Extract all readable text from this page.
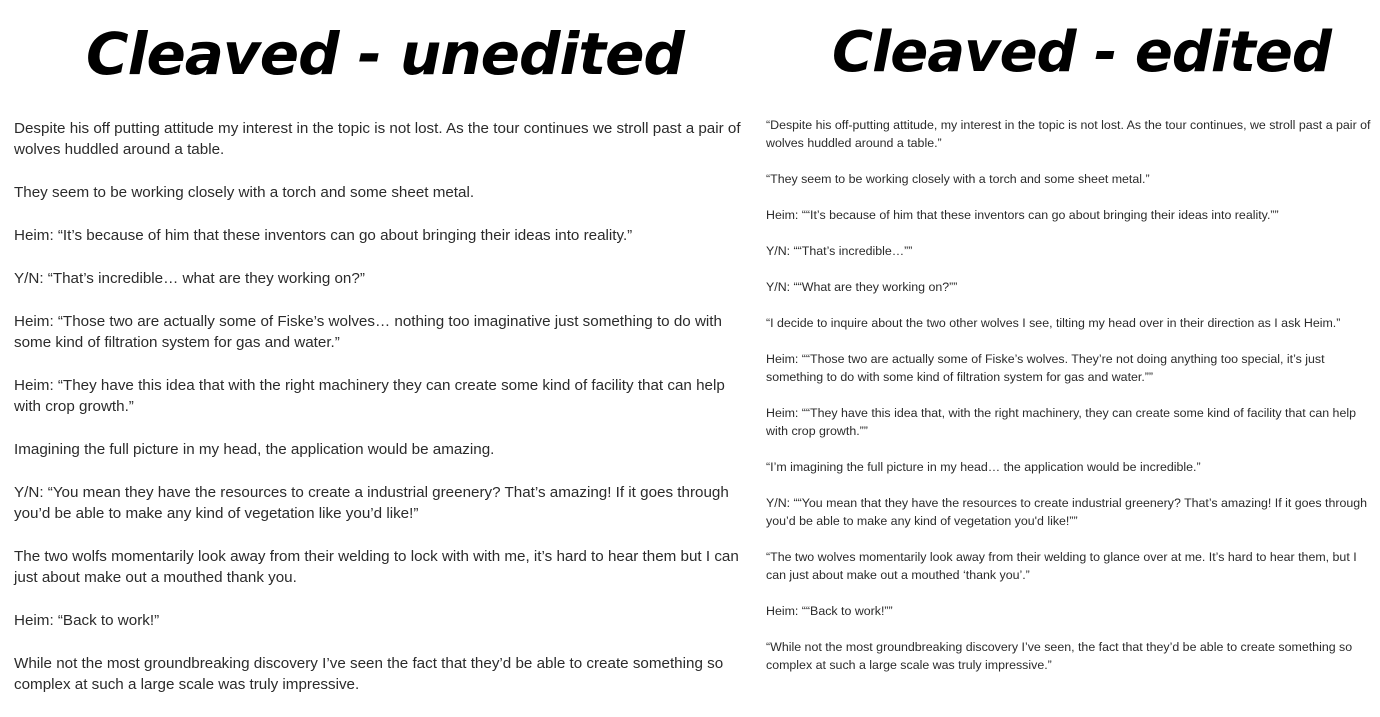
Cleaved - unedited

Despite his off putting attitude my interest in the topic is not lost. As the tour continues we stroll past a pair of wolves huddled around a table.

They seem to be working closely with a torch and some sheet metal.

Heim: “It’s because of him that these inventors can go about bringing their ideas into reality.”

Y/N: “That’s incredible… what are they working on?”

Heim: “Those two are actually some of Fiske’s wolves… nothing too imaginative just something to do with some kind of filtration system for gas and water.”

Heim: “They have this idea that with the right machinery they can create some kind of facility that can help with crop growth.”

Imagining the full picture in my head, the application would be amazing.

Y/N: “You mean they have the resources to create a industrial greenery? That’s amazing! If it goes through you’d be able to make any kind of vegetation like you’d like!”

The two wolfs momentarily look away from their welding to lock with with me, it’s hard to hear them but I can just about make out a mouthed thank you.

Heim: “Back to work!”

While not the most groundbreaking discovery I’ve seen the fact that they’d be able to create something so complex at such a large scale was truly impressive.

Cleaved - edited

“Despite his off-putting attitude, my interest in the topic is not lost. As the tour continues, we stroll past a pair of wolves huddled around a table.”

“They seem to be working closely with a torch and some sheet metal.”

Heim: ““It’s because of him that these inventors can go about bringing their ideas into reality.””

Y/N: ““That’s incredible…””

Y/N: ““What are they working on?””

“I decide to inquire about the two other wolves I see, tilting my head over in their direction as I ask Heim.”

Heim: ““Those two are actually some of Fiske’s wolves. They’re not doing anything too special, it’s just something to do with some kind of filtration system for gas and water.””

Heim: ““They have this idea that, with the right machinery, they can create some kind of facility that can help with crop growth.””

“I’m imagining the full picture in my head… the application would be incredible.”

Y/N: ““You mean that they have the resources to create industrial greenery? That’s amazing! If it goes through you’d be able to make any kind of vegetation you'd like!””

“The two wolves momentarily look away from their welding to glance over at me. It’s hard to hear them, but I can just about make out a mouthed ‘thank you’.”

Heim: ““Back to work!””

“While not the most groundbreaking discovery I’ve seen, the fact that they’d be able to create something so complex at such a large scale was truly impressive.”
